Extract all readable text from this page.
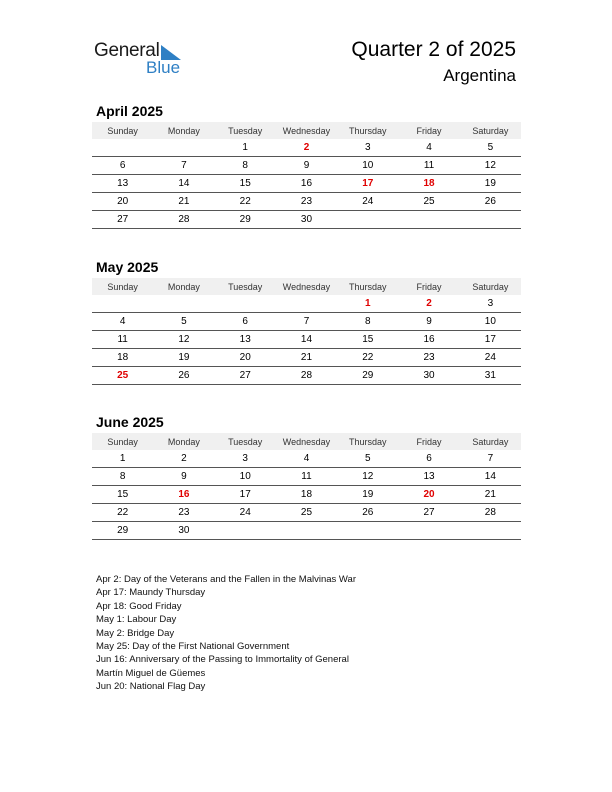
General
Blue
Quarter 2 of 2025
Argentina
April 2025
Sunday	Monday	Tuesday	Wednesday	Thursday	Friday	Saturday
		1	2	3	4	5
6	7	8	9	10	11	12
13	14	15	16	17	18	19
20	21	22	23	24	25	26
27	28	29	30			
May 2025
Sunday	Monday	Tuesday	Wednesday	Thursday	Friday	Saturday
				1	2	3
4	5	6	7	8	9	10
11	12	13	14	15	16	17
18	19	20	21	22	23	24
25	26	27	28	29	30	31
June 2025
Sunday	Monday	Tuesday	Wednesday	Thursday	Friday	Saturday
1	2	3	4	5	6	7
8	9	10	11	12	13	14
15	16	17	18	19	20	21
22	23	24	25	26	27	28
29	30					
Apr 2: Day of the Veterans and the Fallen in the Malvinas War
Apr 17: Maundy Thursday
Apr 18: Good Friday
May 1: Labour Day
May 2: Bridge Day
May 25: Day of the First National Government
Jun 16: Anniversary of the Passing to Immortality of General
Martín Miguel de Güemes
Jun 20: National Flag Day
